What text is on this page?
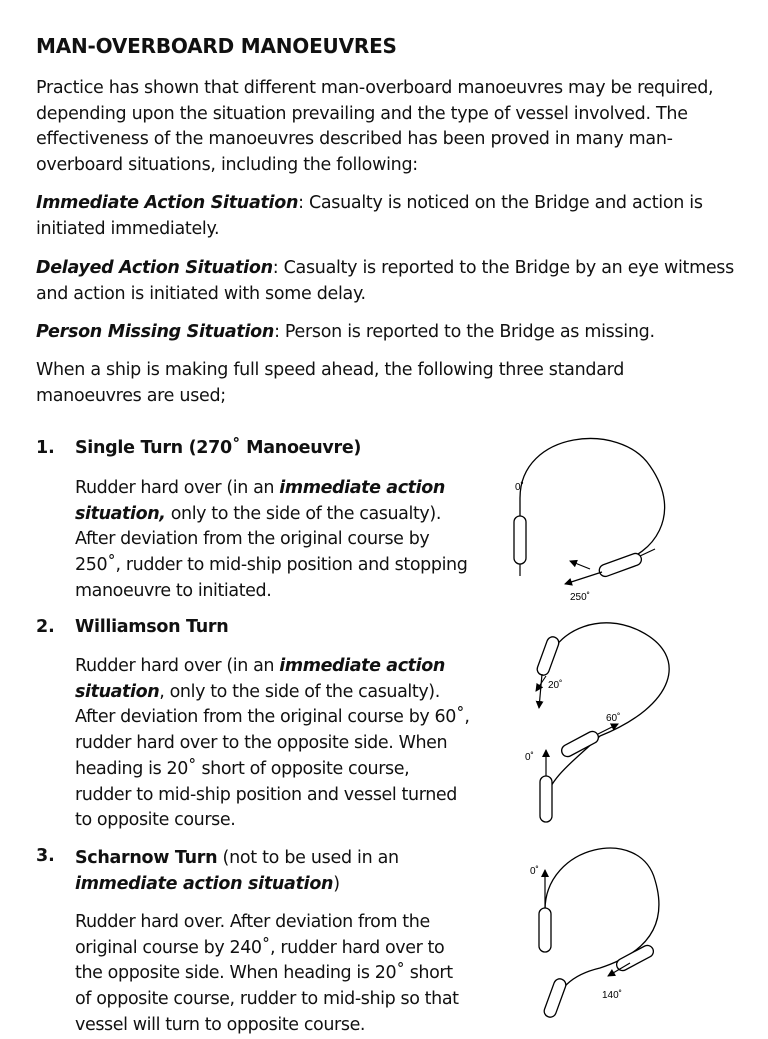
MAN-OVERBOARD MANOEUVRES
Practice has shown that different man-overboard manoeuvres may be required, depending upon the situation prevailing and the type of vessel involved. The effectiveness of the manoeuvres described has been proved in many man-overboard situations, including the following:
Immediate Action Situation: Casualty is noticed on the Bridge and action is initiated immediately.
Delayed Action Situation: Casualty is reported to the Bridge by an eye witmess and action is initiated with some delay.
Person Missing Situation: Person is reported to the Bridge as missing.
When a ship is making full speed ahead, the following three standard manoeuvres are used;
1. Single Turn (270˚ Manoeuvre)
Rudder hard over (in an immediate action situation, only to the side of the casualty). After deviation from the original course by 250˚, rudder to mid-ship position and stopping manoeuvre to initiated.
2. Williamson Turn
Rudder hard over (in an immediate action situation, only to the side of the casualty). After deviation from the original course by 60˚, rudder hard over to the opposite side. When heading is 20˚ short of opposite course, rudder to mid-ship position and vessel turned to opposite course.
3. Scharnow Turn (not to be used in an immediate action situation)
Rudder hard over. After deviation from the original course by 240˚, rudder hard over to the opposite side. When heading is 20˚ short of opposite course, rudder to mid-ship so that vessel will turn to opposite course.
0˚
250˚
20˚
60˚
0˚
0˚
140˚
